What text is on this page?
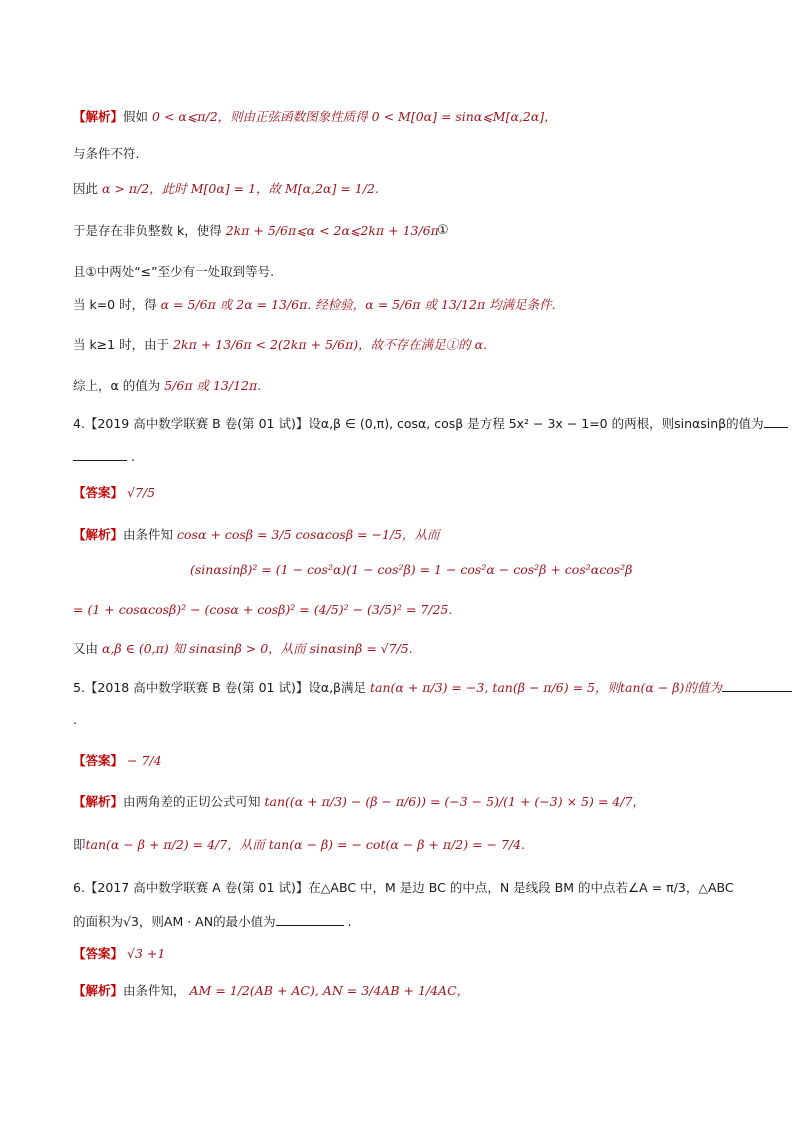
【解析】假如 0 < α⩽π/2，则由正弦函数图象性质得 0 < M[0α] = sinα⩽M[α,2α]，
与条件不符.
因此 α > π/2，此时 M[0α] = 1，故 M[α,2α] = 1/2.
于是存在非负整数 k，使得 2kπ + 5/6π⩽α < 2α⩽2kπ + 13/6π
①
且①中两处“≤”至少有一处取到等号.
当 k=0 时，得 α = 5/6π 或 2α = 13/6π. 经检验，α = 5/6π 或 13/12π 均满足条件.
当 k≥1 时，由于 2kπ + 13/6π < 2(2kπ + 5/6π)，故不存在满足①的 α.
综上，α 的值为 5/6π 或 13/12π.
4.【2019 高中数学联赛 B 卷(第 01 试)】设α,β ∈ (0,π), cosα, cosβ 是方程 5x² − 3x − 1=0 的两根，则sinαsinβ的值为
.
【答案】 √7/5
【解析】由条件知 cosα + cosβ = 3/5 cosαcosβ = −1/5，从而
(sinαsinβ)² = (1 − cos²α)(1 − cos²β) = 1 − cos²α − cos²β + cos²αcos²β
= (1 + cosαcosβ)² − (cosα + cosβ)² = (4/5)² − (3/5)² = 7/25.
又由 α,β ∈ (0,π) 知 sinαsinβ > 0，从而 sinαsinβ = √7/5.
5.【2018 高中数学联赛 B 卷(第 01 试)】设α,β满足 tan(α + π/3) = −3, tan(β − π/6) = 5，则tan(α − β)的值为
.
【答案】 − 7/4
【解析】由两角差的正切公式可知 tan((α + π/3) − (β − π/6)) = (−3 − 5)/(1 + (−3) × 5) = 4/7，
即tan(α − β + π/2) = 4/7，从而 tan(α − β) = − cot(α − β + π/2) = − 7/4.
6.【2017 高中数学联赛 A 卷(第 01 试)】在△ABC 中，M 是边 BC 的中点，N 是线段 BM 的中点若∠A = π/3，△ABC
的面积为√3，则AM · AN的最小值为	.
【答案】 √3 +1
【解析】由条件知， AM = 1/2(AB + AC), AN = 3/4AB + 1/4AC，
